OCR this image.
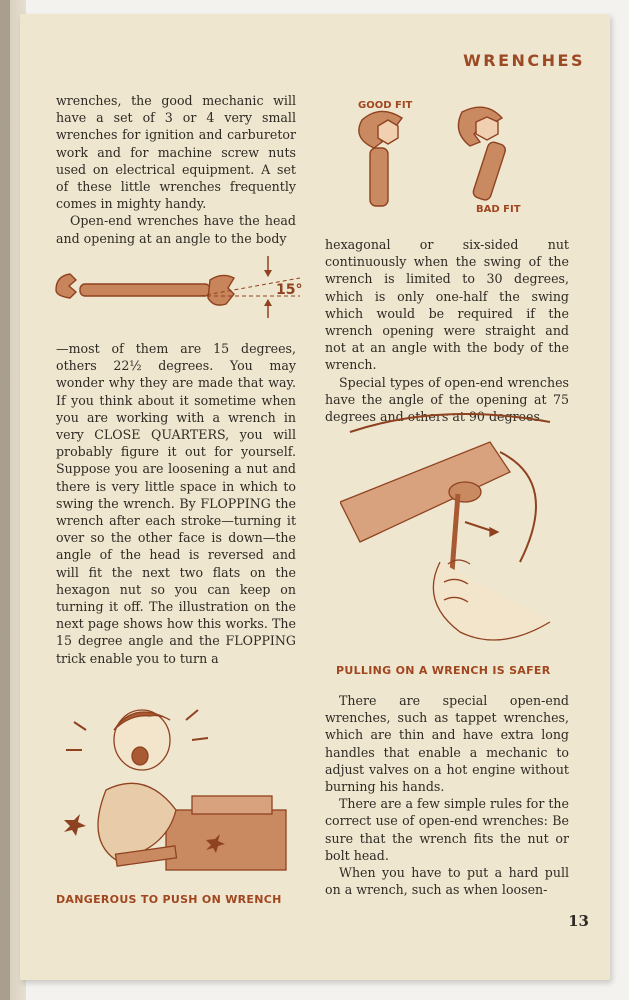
WRENCHES

wrenches, the good mechanic will have a set of 3 or 4 very small wrenches for ignition and carburetor work and for machine screw nuts used on electrical equipment. A set of these little wrenches frequently comes in mighty handy.

Open-end wrenches have the head and opening at an angle to the body

15°

—most of them are 15 degrees, others 22½ degrees. You may wonder why they are made that way. If you think about it sometime when you are working with a wrench in very CLOSE QUARTERS, you will probably figure it out for yourself. Suppose you are loosening a nut and there is very little space in which to swing the wrench. By FLOPPING the wrench after each stroke—turning it over so the other face is down—the angle of the head is reversed and will fit the next two flats on the hexagon nut so you can keep on turning it off. The illustration on the next page shows how this works. The 15 degree angle and the FLOPPING trick enable you to turn a

GOOD FIT
BAD FIT

hexagonal or six-sided nut continuously when the swing of the wrench is limited to 30 degrees, which is only one-half the swing which would be required if the wrench opening were straight and not at an angle with the body of the wrench.

Special types of open-end wrenches have the angle of the opening at 75 degrees and others at 90 degrees.

PULLING ON A WRENCH IS SAFER

There are special open-end wrenches, such as tappet wrenches, which are thin and have extra long handles that enable a mechanic to adjust valves on a hot engine without burning his hands.

There are a few simple rules for the correct use of open-end wrenches: Be sure that the wrench fits the nut or bolt head.

When you have to put a hard pull on a wrench, such as when loosen-

DANGEROUS TO PUSH ON WRENCH
13
